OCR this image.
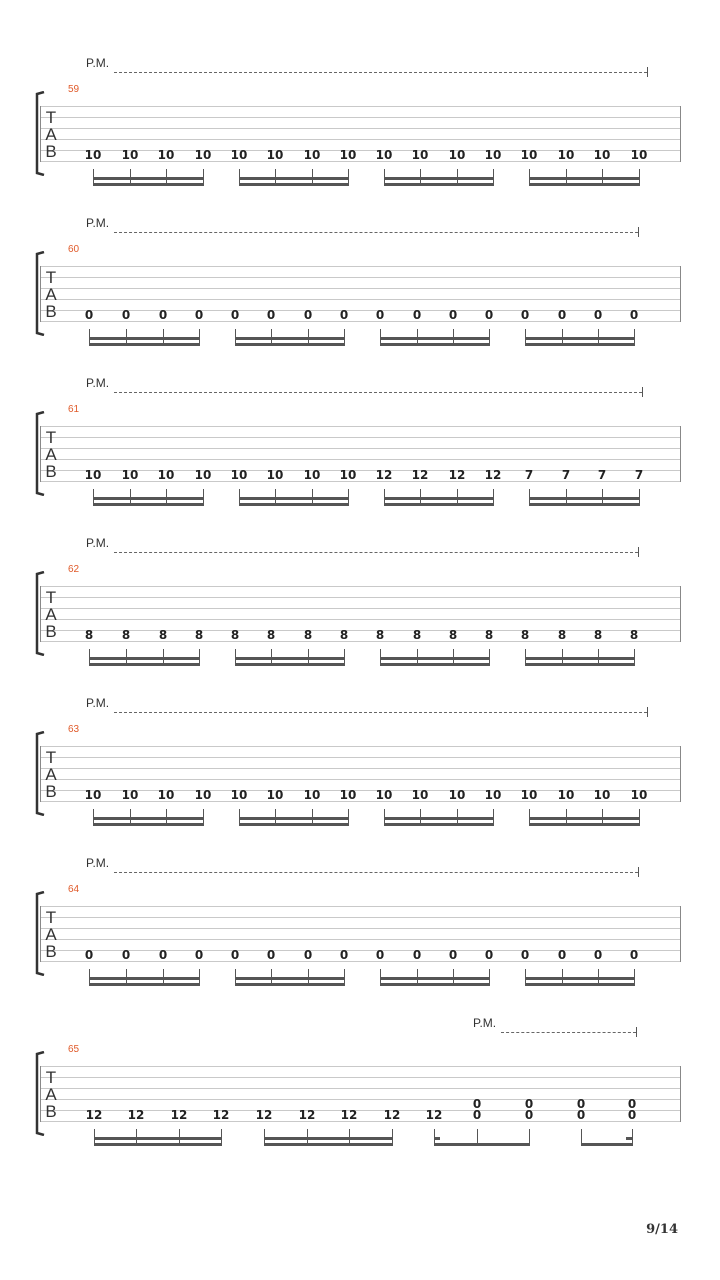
P.M.
59
T
A
B 10 10 10 10 10 10 10 10 10 10 10 10 10 10 10 10
P.M.
60
T
A
B 0 0 0 0 0 0 0 0 0 0 0 0 0 0 0 0
P.M.
61
T
A
B 10 10 10 10 10 10 10 10 12 12 12 12 7 7 7 7
P.M.
62
T
A
B 8 8 8 8 8 8 8 8 8 8 8 8 8 8 8 8
P.M.
63
T
A
B 10 10 10 10 10 10 10 10 10 10 10 10 10 10 10 10
P.M.
64
T
A
B 0 0 0 0 0 0 0 0 0 0 0 0 0 0 0 0
P.M.
65
T
A
B 12 12 12 12 12 12 12 12 12
0
0
0
0
0
0
0
0
9/14
